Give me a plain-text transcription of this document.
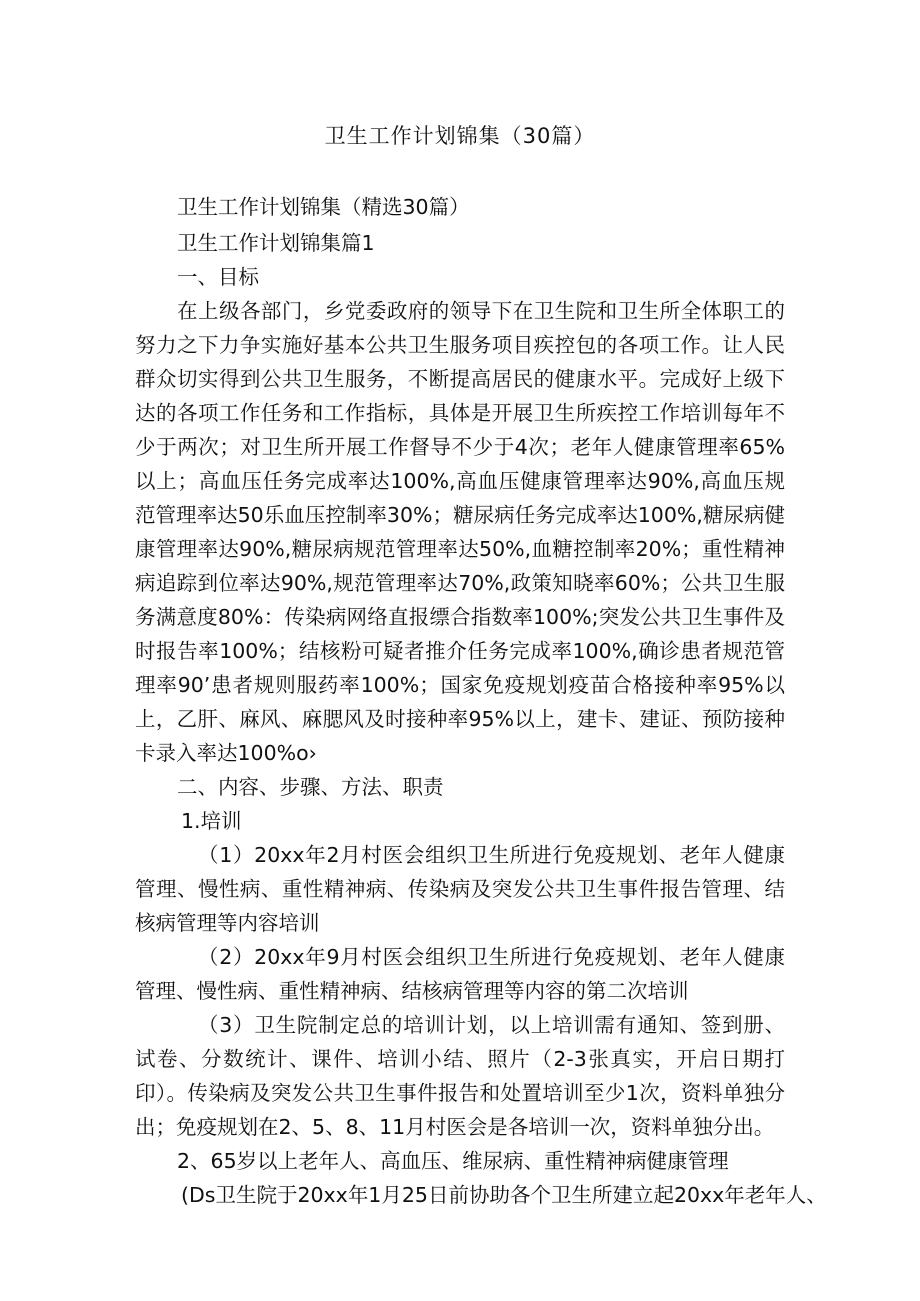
卫生工作计划锦集（30篇）

卫生工作计划锦集（精选30篇）

卫生工作计划锦集篇1

一、目标

在上级各部门，乡党委政府的领导下在卫生院和卫生所全体职工的努力之下力争实施好基本公共卫生服务项目疾控包的各项工作。让人民群众切实得到公共卫生服务，不断提高居民的健康水平。完成好上级下达的各项工作任务和工作指标，具体是开展卫生所疾控工作培训每年不少于两次；对卫生所开展工作督导不少于4次；老年人健康管理率65%以上；高血压任务完成率达100%,高血压健康管理率达90%,高血压规范管理率达50乐血压控制率30%；糖尿病任务完成率达100%,糖尿病健康管理率达90%,糖尿病规范管理率达50%,血糖控制率20%；重性精神病追踪到位率达90%,规范管理率达70%,政策知晓率60%；公共卫生服务满意度80%：传染病网络直报缥合指数率100%;突发公共卫生事件及时报告率100%；结核粉可疑者推介任务完成率100%,确诊患者规范管理率90’患者规则服药率100%；国家免疫规划疫苗合格接种率95%以上，乙肝、麻风、麻腮风及时接种率95%以上，建卡、建证、预防接种卡录入率达100%o›

二、内容、步骤、方法、职责

1.培训

（1）20xx年2月村医会组织卫生所进行免疫规划、老年人健康管理、慢性病、重性精神病、传染病及突发公共卫生事件报告管理、结核病管理等内容培训

（2）20xx年9月村医会组织卫生所进行免疫规划、老年人健康管理、慢性病、重性精神病、结核病管理等内容的第二次培训

（3）卫生院制定总的培训计划，以上培训需有通知、签到册、试卷、分数统计、课件、培训小结、照片（2-3张真实，开启日期打印）。传染病及突发公共卫生事件报告和处置培训至少1次，资料单独分出；免疫规划在2、5、8、11月村医会是各培训一次，资料单独分出。

2、65岁以上老年人、高血压、维尿病、重性精神病健康管理

(Ds卫生院于20xx年1月25日前协助各个卫生所建立起20xx年老年人、
